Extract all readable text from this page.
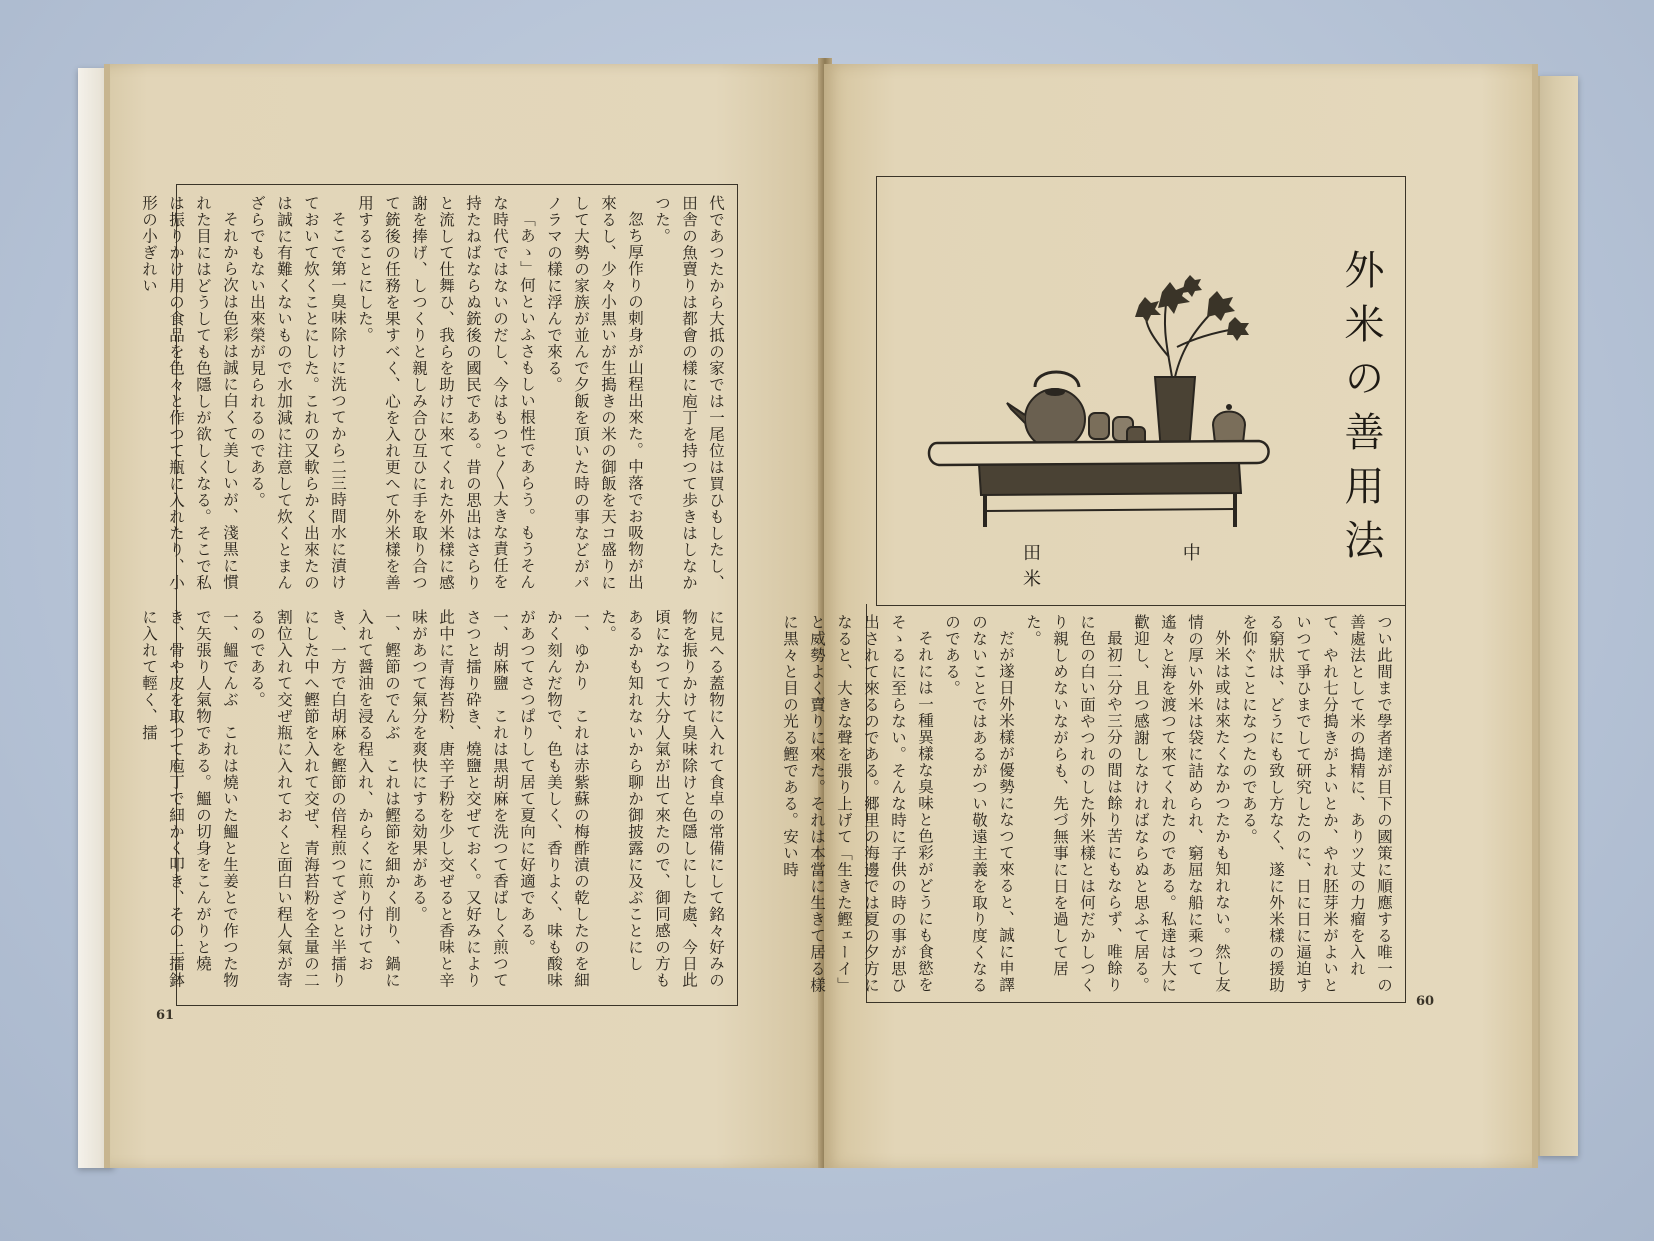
代であつたから大抵の家では一尾位は買ひもしたし、田舎の魚賣りは都會の樣に庖丁を持つて歩きはしなかつた。

忽ち厚作りの刺身が山程出來た。中落でお吸物が出來るし、少々小黒いが生搗きの米の御飯を天コ盛りにして大勢の家族が並んで夕飯を頂いた時の事などがパノラマの樣に浮んで來る。

「あゝ」何といふさもしい根性であらう。もうそんな時代ではないのだし、今はもつと〳〵大きな責任を持たねばならぬ銃後の國民である。昔の思出はさらりと流して仕舞ひ、我らを助けに來てくれた外米樣に感謝を捧げ、しつくりと親しみ合ひ互ひに手を取り合つて銃後の任務を果すべく、心を入れ更へて外米樣を善用することにした。

そこで第一臭味除けに洗つてから二三時間水に漬けておいて炊くことにした。これの又軟らかく出來たのは誠に有難くないもので水加減に注意して炊くとまんざらでもない出來榮が見られるのである。

それから次は色彩は誠に白くて美しいが、淺黒に慣れた目にはどうしても色隱しが欲しくなる。そこで私は振りかけ用の食品を色々と作つて瓶に入れたり、小形の小ぎれい

に見へる蓋物に入れて食卓の常備にして銘々好みの物を振りかけて臭味除けと色隱しにした處、今日此頃になつて大分人氣が出て來たので、御同感の方もあるかも知れないから聊か御披露に及ぶことにした。

一、ゆかり　これは赤紫蘇の梅酢漬の乾したのを細かく刻んだ物で、色も美しく、香りよく、味も酸味があつてさつぱりして居て夏向に好適である。

一、胡麻鹽　これは黒胡麻を洗つて香ばしく煎つてさつと擂り砕き、燒鹽と交ぜておく。又好みにより此中に青海苔粉、唐辛子粉を少し交ぜると香味と辛味があつて氣分を爽快にする効果がある。

一、鰹節のでんぶ　これは鰹節を細かく削り、鍋に入れて醤油を浸る程入れ、からくに煎り付けておき、一方で白胡麻を鰹節の倍程煎つてざつと半擂りにした中へ鰹節を入れて交ぜ、青海苔粉を全量の二割位入れて交ぜ瓶に入れておくと面白い程人氣が寄るのである。

一、鰮でんぶ　これは燒いた鰮と生姜とで作つた物で矢張り人氣物である。鰮の切身をこんがりと燒き、骨や皮を取つて庖丁で細かく叩き、その上擂鉢に入れて輕く、擂

61
外米の善用法
田 中 米

つい此間まで學者達が目下の國策に順應する唯一の善處法として米の搗精に、ありツ丈の力瘤を入れて、やれ七分搗きがよいとか、やれ胚芽米がよいといつて爭ひまでして研究したのに、日に日に逼迫する窮狀は、どうにも致し方なく、遂に外米樣の援助を仰ぐことになつたのである。

外米は或は來たくなかつたかも知れない。然し友情の厚い外米は袋に詰められ、窮屈な船に乘つて遙々と海を渡つて來てくれたのである。私達は大に歡迎し、且つ感謝しなければならぬと思ふて居る。

最初二分や三分の間は餘り苦にもならず、唯餘りに色の白い面やつれのした外米樣とは何だかしつくり親しめないながらも、先づ無事に日を過して居た。

だが遂日外米樣が優勢になつて來ると、誠に申譯のないことではあるがつい敬遠主義を取り度くなるのである。

それには一種異樣な臭味と色彩がどうにも食慾をそゝるに至らない。そんな時に子供の時の事が思ひ出されて來るのである。郷里の海邊では夏の夕方になると、大きな聲を張り上げて「生きた鰹ェーイ」と威勢よく賣りに來た。それは本當に生きて居る樣に黒々と目の光る鰹である。安い時

60
